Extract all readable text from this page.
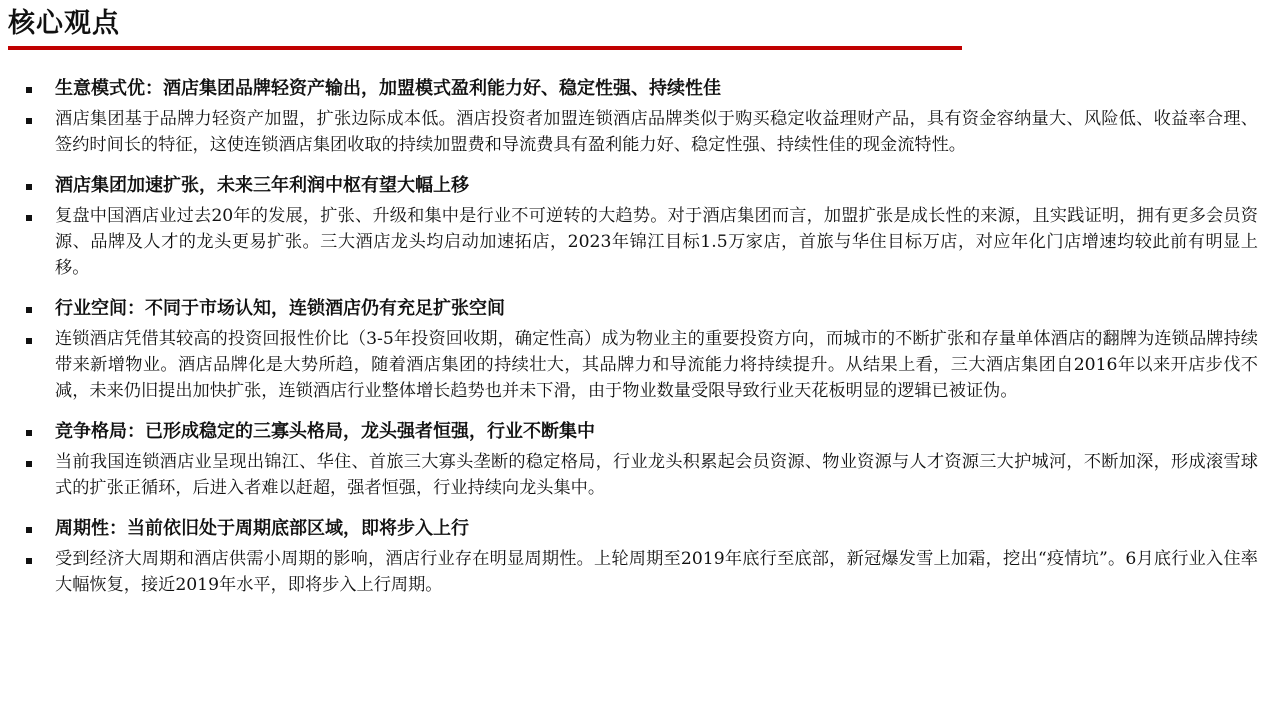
核心观点
生意模式优：酒店集团品牌轻资产输出，加盟模式盈利能力好、稳定性强、持续性佳
酒店集团基于品牌力轻资产加盟，扩张边际成本低。酒店投资者加盟连锁酒店品牌类似于购买稳定收益理财产品，具有资金容纳量大、风险低、收益率合理、签约时间长的特征，这使连锁酒店集团收取的持续加盟费和导流费具有盈利能力好、稳定性强、持续性佳的现金流特性。
酒店集团加速扩张，未来三年利润中枢有望大幅上移
复盘中国酒店业过去20年的发展，扩张、升级和集中是行业不可逆转的大趋势。对于酒店集团而言，加盟扩张是成长性的来源，且实践证明，拥有更多会员资源、品牌及人才的龙头更易扩张。三大酒店龙头均启动加速拓店，2023年锦江目标1.5万家店，首旅与华住目标万店，对应年化门店增速均较此前有明显上移。
行业空间：不同于市场认知，连锁酒店仍有充足扩张空间
连锁酒店凭借其较高的投资回报性价比（3-5年投资回收期，确定性高）成为物业主的重要投资方向，而城市的不断扩张和存量单体酒店的翻牌为连锁品牌持续带来新增物业。酒店品牌化是大势所趋，随着酒店集团的持续壮大，其品牌力和导流能力将持续提升。从结果上看，三大酒店集团自2016年以来开店步伐不减，未来仍旧提出加快扩张，连锁酒店行业整体增长趋势也并未下滑，由于物业数量受限导致行业天花板明显的逻辑已被证伪。
竞争格局：已形成稳定的三寡头格局，龙头强者恒强，行业不断集中
当前我国连锁酒店业呈现出锦江、华住、首旅三大寡头垄断的稳定格局，行业龙头积累起会员资源、物业资源与人才资源三大护城河，不断加深，形成滚雪球式的扩张正循环，后进入者难以赶超，强者恒强，行业持续向龙头集中。
周期性：当前依旧处于周期底部区域，即将步入上行
受到经济大周期和酒店供需小周期的影响，酒店行业存在明显周期性。上轮周期至2019年底行至底部，新冠爆发雪上加霜，挖出“疫情坑”。6月底行业入住率大幅恢复，接近2019年水平，即将步入上行周期。
